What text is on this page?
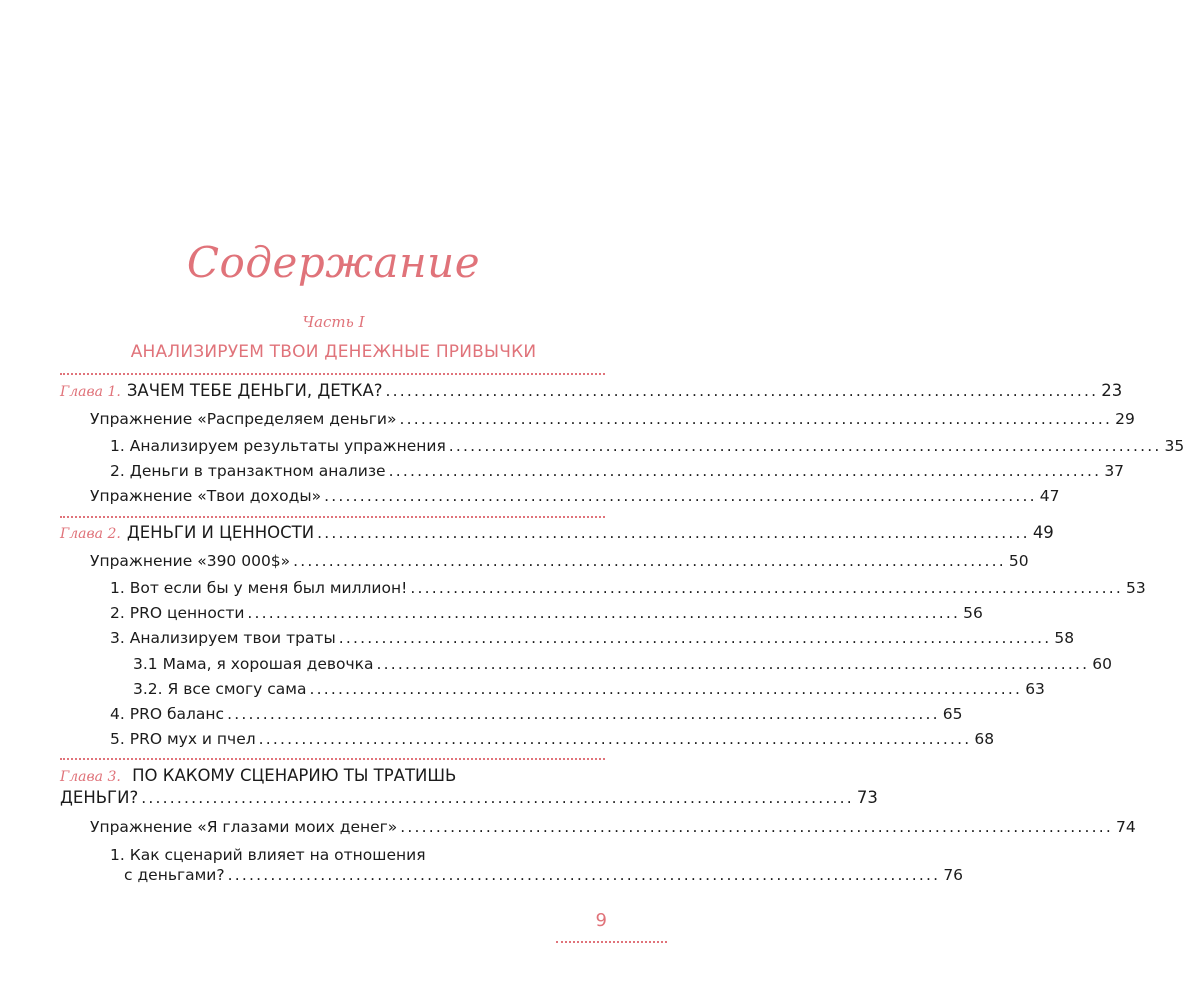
Содержание
Часть I
АНАЛИЗИРУЕМ ТВОИ ДЕНЕЖНЫЕ ПРИВЫЧКИ
Глава 1. ЗАЧЕМ ТЕБЕ ДЕНЬГИ, ДЕТКА? .................................................................................................... 23
Упражнение «Распределяем деньги» .................................................................................................... 29
1. Анализируем результаты упражнения .................................................................................................... 35
2. Деньги в транзактном анализе .................................................................................................... 37
Упражнение «Твои доходы» .................................................................................................... 47
Глава 2. ДЕНЬГИ И ЦЕННОСТИ .................................................................................................... 49
Упражнение «390 000$» .................................................................................................... 50
1. Вот если бы у меня был миллион! .................................................................................................... 53
2. PRO ценности .................................................................................................... 56
3. Анализируем твои траты .................................................................................................... 58
3.1 Мама, я хорошая девочка .................................................................................................... 60
3.2. Я все смогу сама .................................................................................................... 63
4. PRO баланс .................................................................................................... 65
5. PRO мух и пчел .................................................................................................... 68
Глава 3. ПО КАКОМУ СЦЕНАРИЮ ТЫ ТРАТИШЬ
ДЕНЬГИ? .................................................................................................... 73
Упражнение «Я глазами моих денег» .................................................................................................... 74
1. Как сценарий влияет на отношения
с деньгами? .................................................................................................... 76
9
